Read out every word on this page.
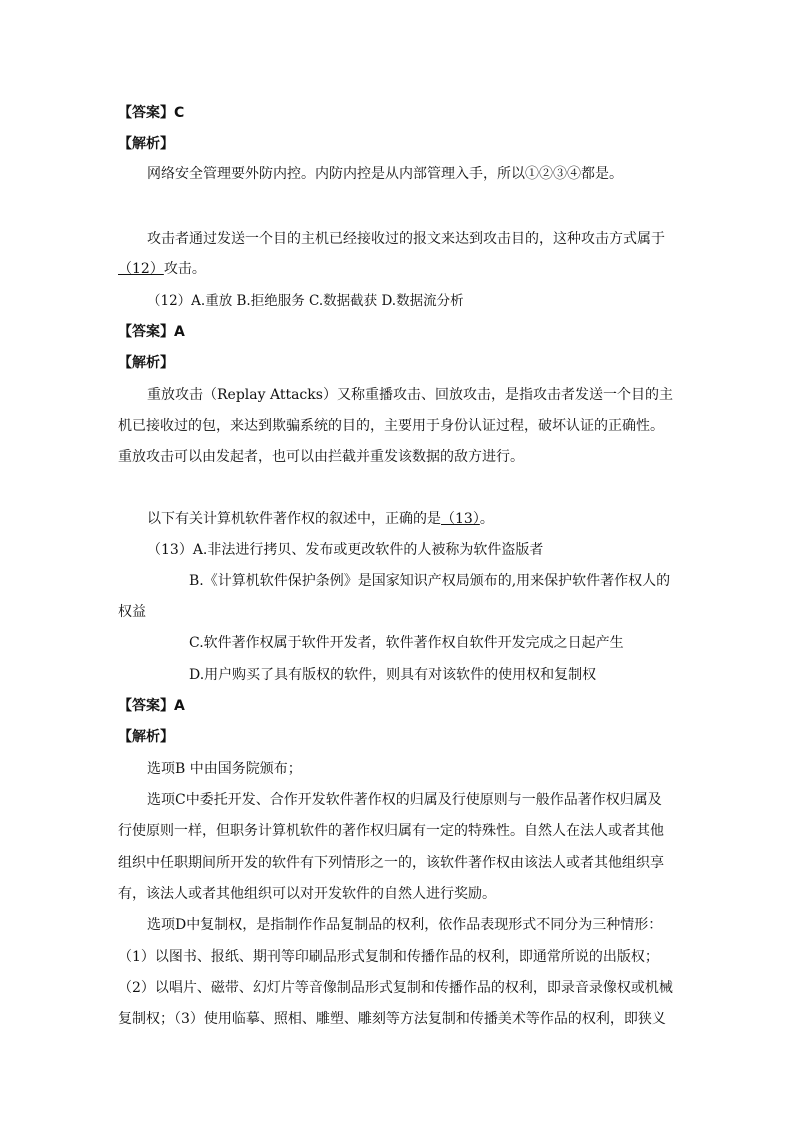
【答案】C
【解析】
网络安全管理要外防内控。内防内控是从内部管理入手，所以①②③④都是。
攻击者通过发送一个目的主机已经接收过的报文来达到攻击目的，这种攻击方式属于
（12）攻击。
（12）A.重放 B.拒绝服务 C.数据截获 D.数据流分析
【答案】A
【解析】
重放攻击（Replay Attacks）又称重播攻击、回放攻击，是指攻击者发送一个目的主
机已接收过的包，来达到欺骗系统的目的，主要用于身份认证过程，破坏认证的正确性。
重放攻击可以由发起者，也可以由拦截并重发该数据的敌方进行。
以下有关计算机软件著作权的叙述中，正确的是（13）。
（13）A.非法进行拷贝、发布或更改软件的人被称为软件盗版者
B.《计算机软件保护条例》是国家知识产权局颁布的,用来保护软件著作权人的
权益
C.软件著作权属于软件开发者，软件著作权自软件开发完成之日起产生
D.用户购买了具有版权的软件，则具有对该软件的使用权和复制权
【答案】A
【解析】
选项B 中由国务院颁布；
选项C中委托开发、合作开发软件著作权的归属及行使原则与一般作品著作权归属及
行使原则一样，但职务计算机软件的著作权归属有一定的特殊性。自然人在法人或者其他
组织中任职期间所开发的软件有下列情形之一的，该软件著作权由该法人或者其他组织享
有，该法人或者其他组织可以对开发软件的自然人进行奖励。
选项D中复制权，是指制作作品复制品的权利，依作品表现形式不同分为三种情形：
（1）以图书、报纸、期刊等印刷品形式复制和传播作品的权利，即通常所说的出版权；
（2）以唱片、磁带、幻灯片等音像制品形式复制和传播作品的权利，即录音录像权或机械
复制权；（3）使用临摹、照相、雕塑、雕刻等方法复制和传播美术等作品的权利，即狭义
